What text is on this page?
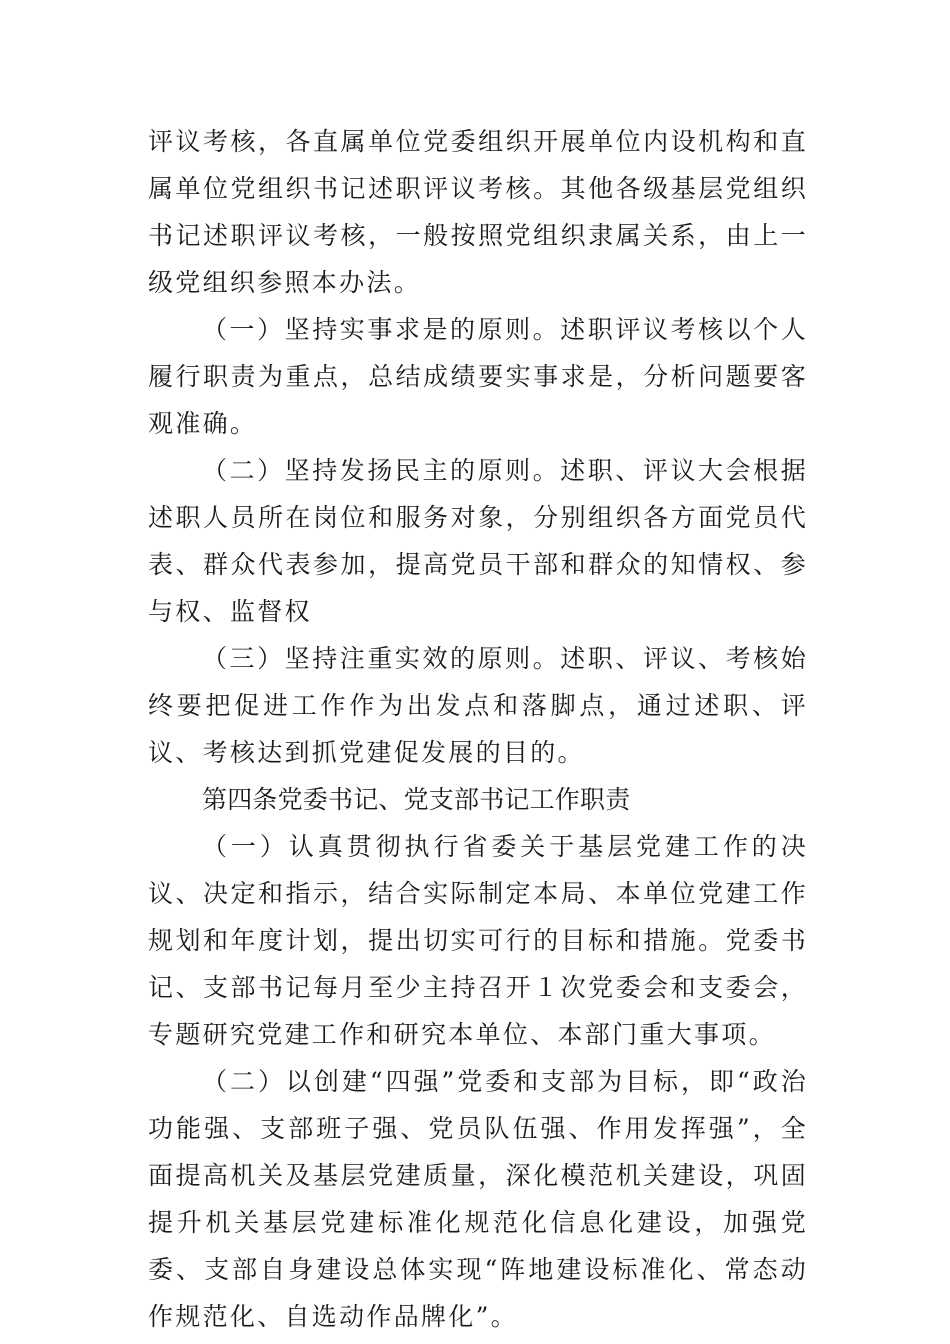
评议考核，各直属单位党委组织开展单位内设机构和直属单位党组织书记述职评议考核。其他各级基层党组织书记述职评议考核，一般按照党组织隶属关系，由上一级党组织参照本办法。

（一）坚持实事求是的原则。述职评议考核以个人履行职责为重点，总结成绩要实事求是，分析问题要客观准确。

（二）坚持发扬民主的原则。述职、评议大会根据述职人员所在岗位和服务对象，分别组织各方面党员代表、群众代表参加，提高党员干部和群众的知情权、参与权、监督权

（三）坚持注重实效的原则。述职、评议、考核始终要把促进工作作为出发点和落脚点，通过述职、评议、考核达到抓党建促发展的目的。

第四条党委书记、党支部书记工作职责

（一）认真贯彻执行省委关于基层党建工作的决议、决定和指示，结合实际制定本局、本单位党建工作规划和年度计划，提出切实可行的目标和措施。党委书记、支部书记每月至少主持召开１次党委会和支委会，专题研究党建工作和研究本单位、本部门重大事项。

（二）以创建“四强”党委和支部为目标，即“政治功能强、支部班子强、党员队伍强、作用发挥强”，全面提高机关及基层党建质量，深化模范机关建设，巩固提升机关基层党建标准化规范化信息化建设，加强党委、支部自身建设总体实现“阵地建设标准化、常态动作规范化、自选动作品牌化”。
